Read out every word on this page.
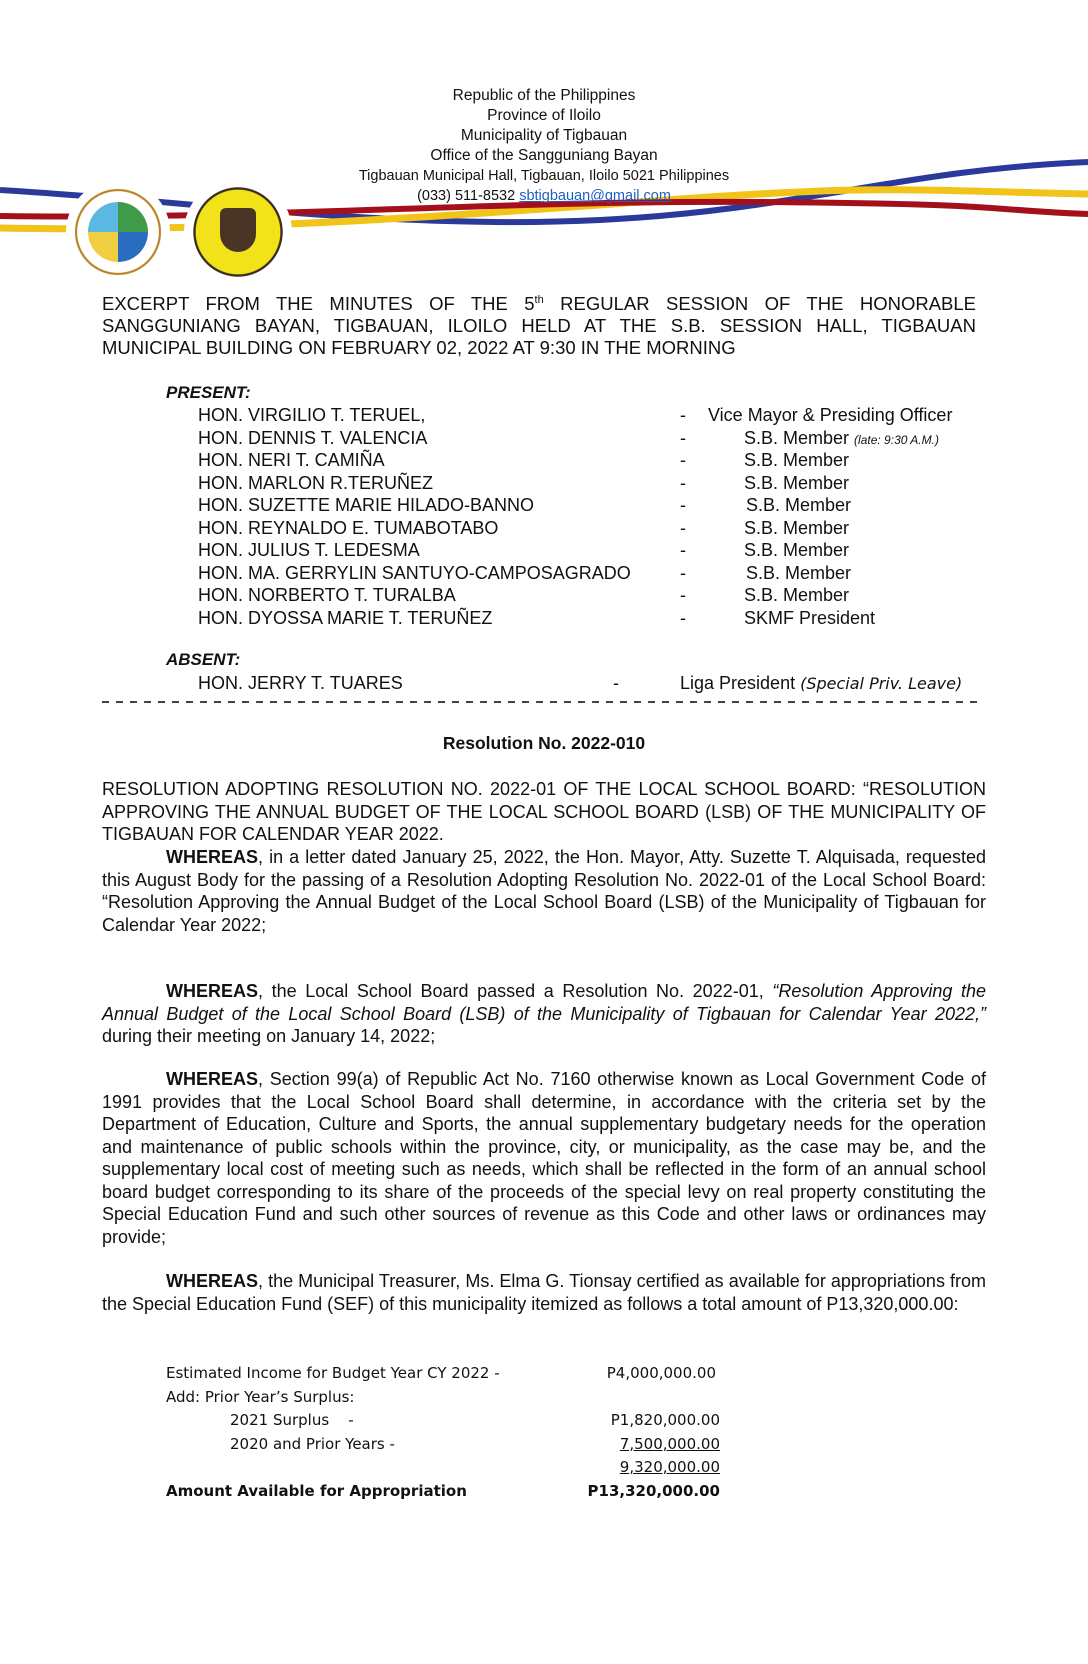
Republic of the Philippines
Province of Iloilo
Municipality of Tigbauan
Office of the Sangguniang Bayan
Tigbauan Municipal Hall, Tigbauan, Iloilo 5021 Philippines
(033) 511-8532 sbtigbauan@gmail.com
EXCERPT FROM THE MINUTES OF THE 5th REGULAR SESSION OF THE HONORABLE SANGGUNIANG BAYAN, TIGBAUAN, ILOILO HELD AT THE S.B. SESSION HALL, TIGBAUAN MUNICIPAL BUILDING ON FEBRUARY 02, 2022 AT 9:30 IN THE MORNING
PRESENT:
HON. VIRGILIO T. TERUEL,	- Vice Mayor & Presiding Officer
HON. DENNIS T. VALENCIA	-	S.B. Member (late: 9:30 A.M.)
HON. NERI T. CAMIÑA	-	S.B. Member
HON. MARLON R.TERUÑEZ	-	S.B. Member
HON. SUZETTE MARIE HILADO-BANNO	-	S.B. Member
HON. REYNALDO E. TUMABOTABO	-	S.B. Member
HON. JULIUS T. LEDESMA	-	S.B. Member
HON. MA. GERRYLIN SANTUYO-CAMPOSAGRADO	-	S.B. Member
HON. NORBERTO T. TURALBA	-	S.B. Member
HON. DYOSSA MARIE T. TERUÑEZ	-	SKMF President
ABSENT:
HON. JERRY T. TUARES	-	Liga President (Special Priv. Leave)
Resolution No. 2022-010
RESOLUTION ADOPTING RESOLUTION NO. 2022-01 OF THE LOCAL SCHOOL BOARD: “RESOLUTION APPROVING THE ANNUAL BUDGET OF THE LOCAL SCHOOL BOARD (LSB) OF THE MUNICIPALITY OF TIGBAUAN FOR CALENDAR YEAR 2022.
WHEREAS, in a letter dated January 25, 2022, the Hon. Mayor, Atty. Suzette T. Alquisada, requested this August Body for the passing of a Resolution Adopting Resolution No. 2022-01 of the Local School Board: “Resolution Approving the Annual Budget of the Local School Board (LSB) of the Municipality of Tigbauan for Calendar Year 2022;
WHEREAS, the Local School Board passed a Resolution No. 2022-01, “Resolution Approving the Annual Budget of the Local School Board (LSB) of the Municipality of Tigbauan for Calendar Year 2022,” during their meeting on January 14, 2022;
WHEREAS, Section 99(a) of Republic Act No. 7160 otherwise known as Local Government Code of 1991 provides that the Local School Board shall determine, in accordance with the criteria set by the Department of Education, Culture and Sports, the annual supplementary budgetary needs for the operation and maintenance of public schools within the province, city, or municipality, as the case may be, and the supplementary local cost of meeting such as needs, which shall be reflected in the form of an annual school board budget corresponding to its share of the proceeds of the special levy on real property constituting the Special Education Fund and such other sources of revenue as this Code and other laws or ordinances may provide;
WHEREAS, the Municipal Treasurer, Ms. Elma G. Tionsay certified as available for appropriations from the Special Education Fund (SEF) of this municipality itemized as follows a total amount of P13,320,000.00:
Estimated Income for Budget Year CY 2022 -	P4,000,000.00
Add: Prior Year’s Surplus:
2021 Surplus    -	P1,820,000.00
2020 and Prior Years -	7,500,000.00
9,320,000.00
Amount Available for Appropriation	P13,320,000.00
